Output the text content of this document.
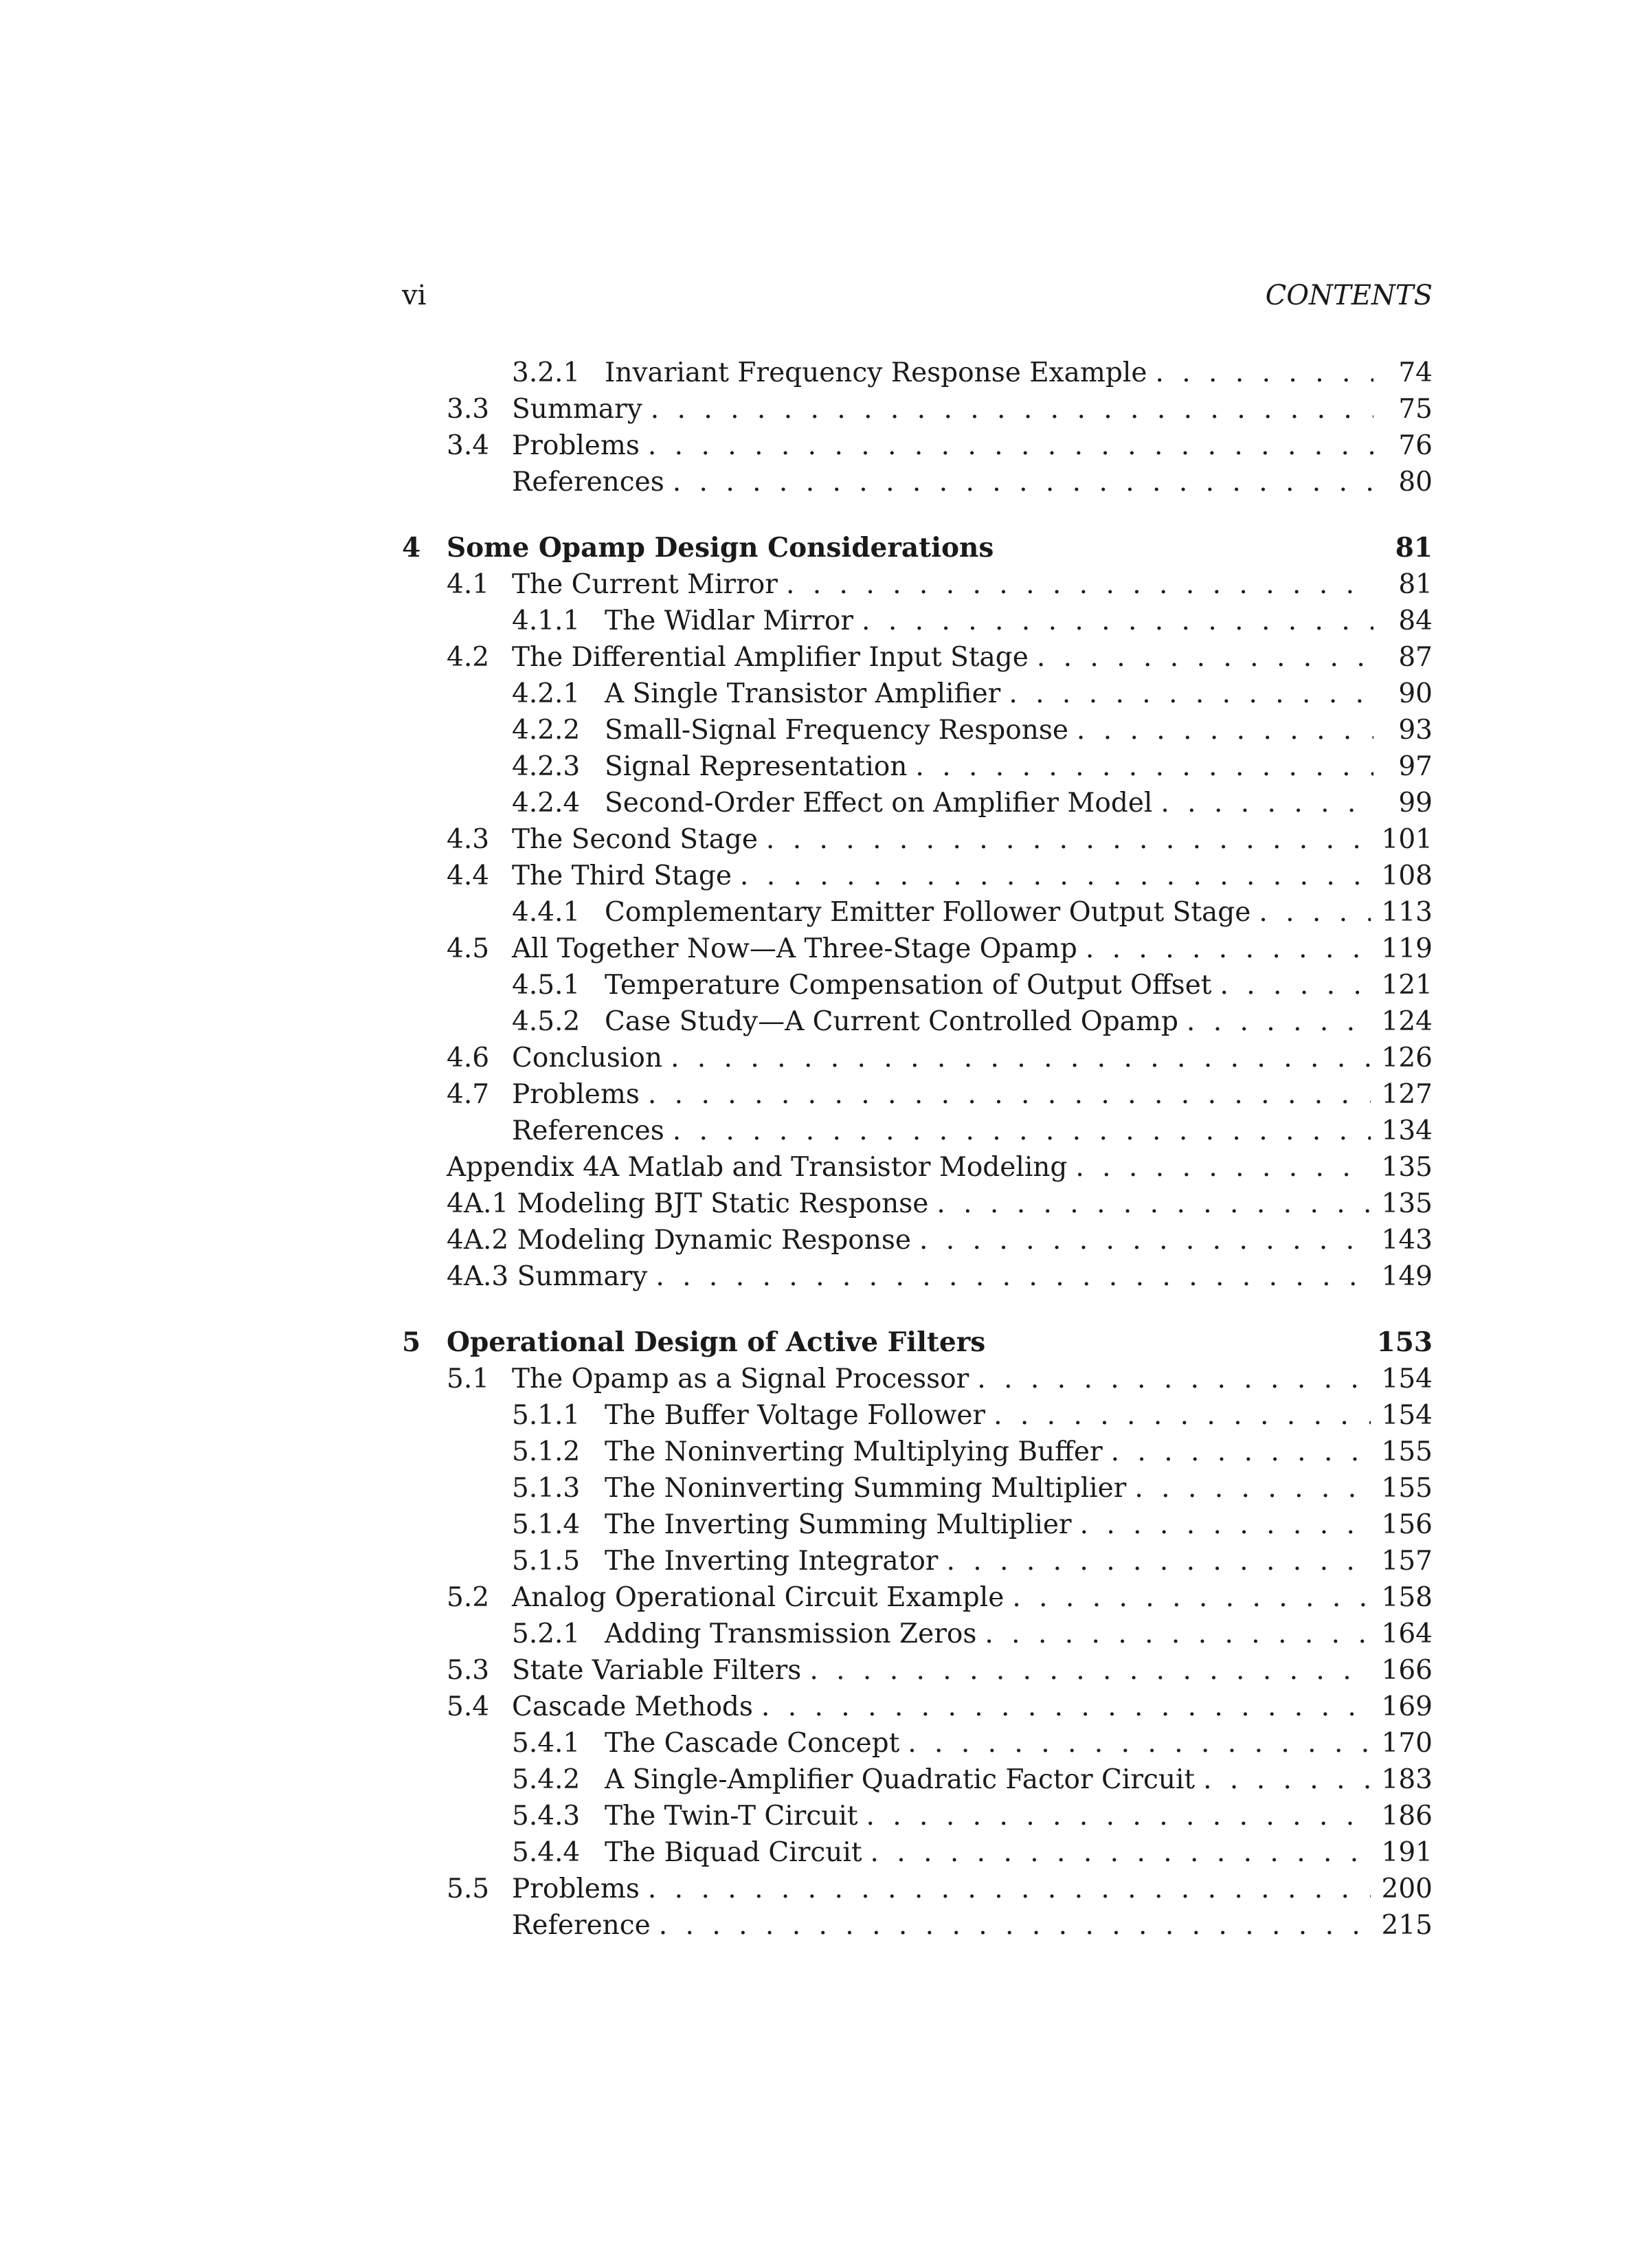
vi	CONTENTS
3.2.1 Invariant Frequency Response Example . . .	74
3.3 Summary . . .	75
3.4 Problems . . .	76
References . . .	80
4 Some Opamp Design Considerations	81
4.1 The Current Mirror . . .	81
4.1.1 The Widlar Mirror . . .	84
4.2 The Differential Amplifier Input Stage . . .	87
4.2.1 A Single Transistor Amplifier . . .	90
4.2.2 Small-Signal Frequency Response . . .	93
4.2.3 Signal Representation . . .	97
4.2.4 Second-Order Effect on Amplifier Model . . .	99
4.3 The Second Stage . . .	101
4.4 The Third Stage . . .	108
4.4.1 Complementary Emitter Follower Output Stage . . .	113
4.5 All Together Now—A Three-Stage Opamp . . .	119
4.5.1 Temperature Compensation of Output Offset . . .	121
4.5.2 Case Study—A Current Controlled Opamp . . .	124
4.6 Conclusion . . .	126
4.7 Problems . . .	127
References . . .	134
Appendix 4A Matlab and Transistor Modeling . . .	135
4A.1 Modeling BJT Static Response . . .	135
4A.2 Modeling Dynamic Response . . .	143
4A.3 Summary . . .	149
5 Operational Design of Active Filters	153
5.1 The Opamp as a Signal Processor . . .	154
5.1.1 The Buffer Voltage Follower . . .	154
5.1.2 The Noninverting Multiplying Buffer . . .	155
5.1.3 The Noninverting Summing Multiplier . . .	155
5.1.4 The Inverting Summing Multiplier . . .	156
5.1.5 The Inverting Integrator . . .	157
5.2 Analog Operational Circuit Example . . .	158
5.2.1 Adding Transmission Zeros . . .	164
5.3 State Variable Filters . . .	166
5.4 Cascade Methods . . .	169
5.4.1 The Cascade Concept . . .	170
5.4.2 A Single-Amplifier Quadratic Factor Circuit . . .	183
5.4.3 The Twin-T Circuit . . .	186
5.4.4 The Biquad Circuit . . .	191
5.5 Problems . . .	200
Reference . . .	215
